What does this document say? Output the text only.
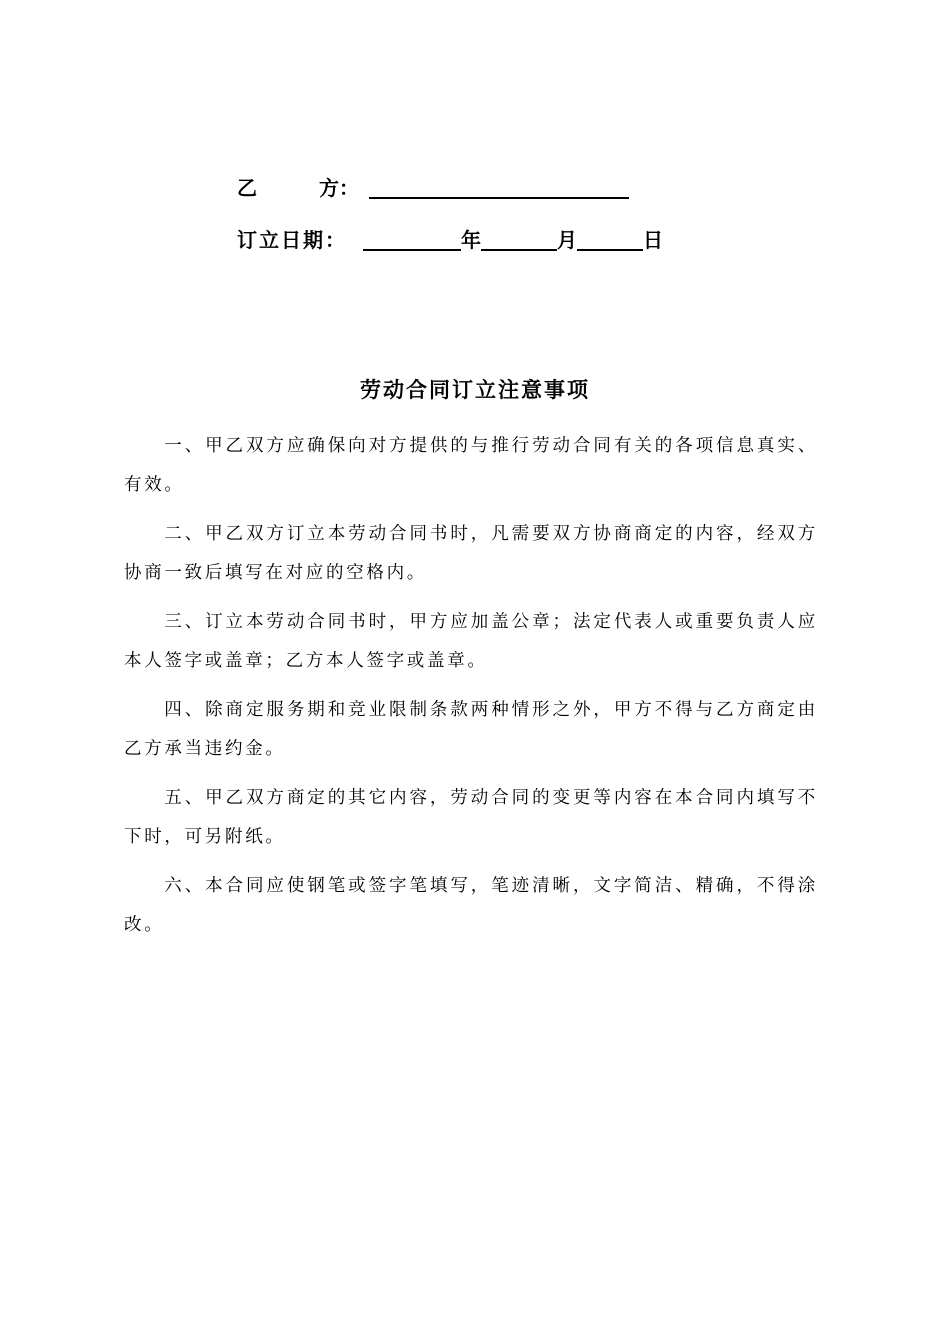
乙	方：
订立日期：	年	月	日
劳动合同订立注意事项
一、甲乙双方应确保向对方提供的与推行劳动合同有关的各项信息真实、有效。
二、甲乙双方订立本劳动合同书时，凡需要双方协商商定的内容，经双方协商一致后填写在对应的空格内。
三、订立本劳动合同书时，甲方应加盖公章；法定代表人或重要负责人应本人签字或盖章；乙方本人签字或盖章。
四、除商定服务期和竞业限制条款两种情形之外，甲方不得与乙方商定由乙方承当违约金。
五、甲乙双方商定的其它内容，劳动合同的变更等内容在本合同内填写不下时，可另附纸。
六、本合同应使钢笔或签字笔填写，笔迹清晰，文字简洁、精确，不得涂改。
